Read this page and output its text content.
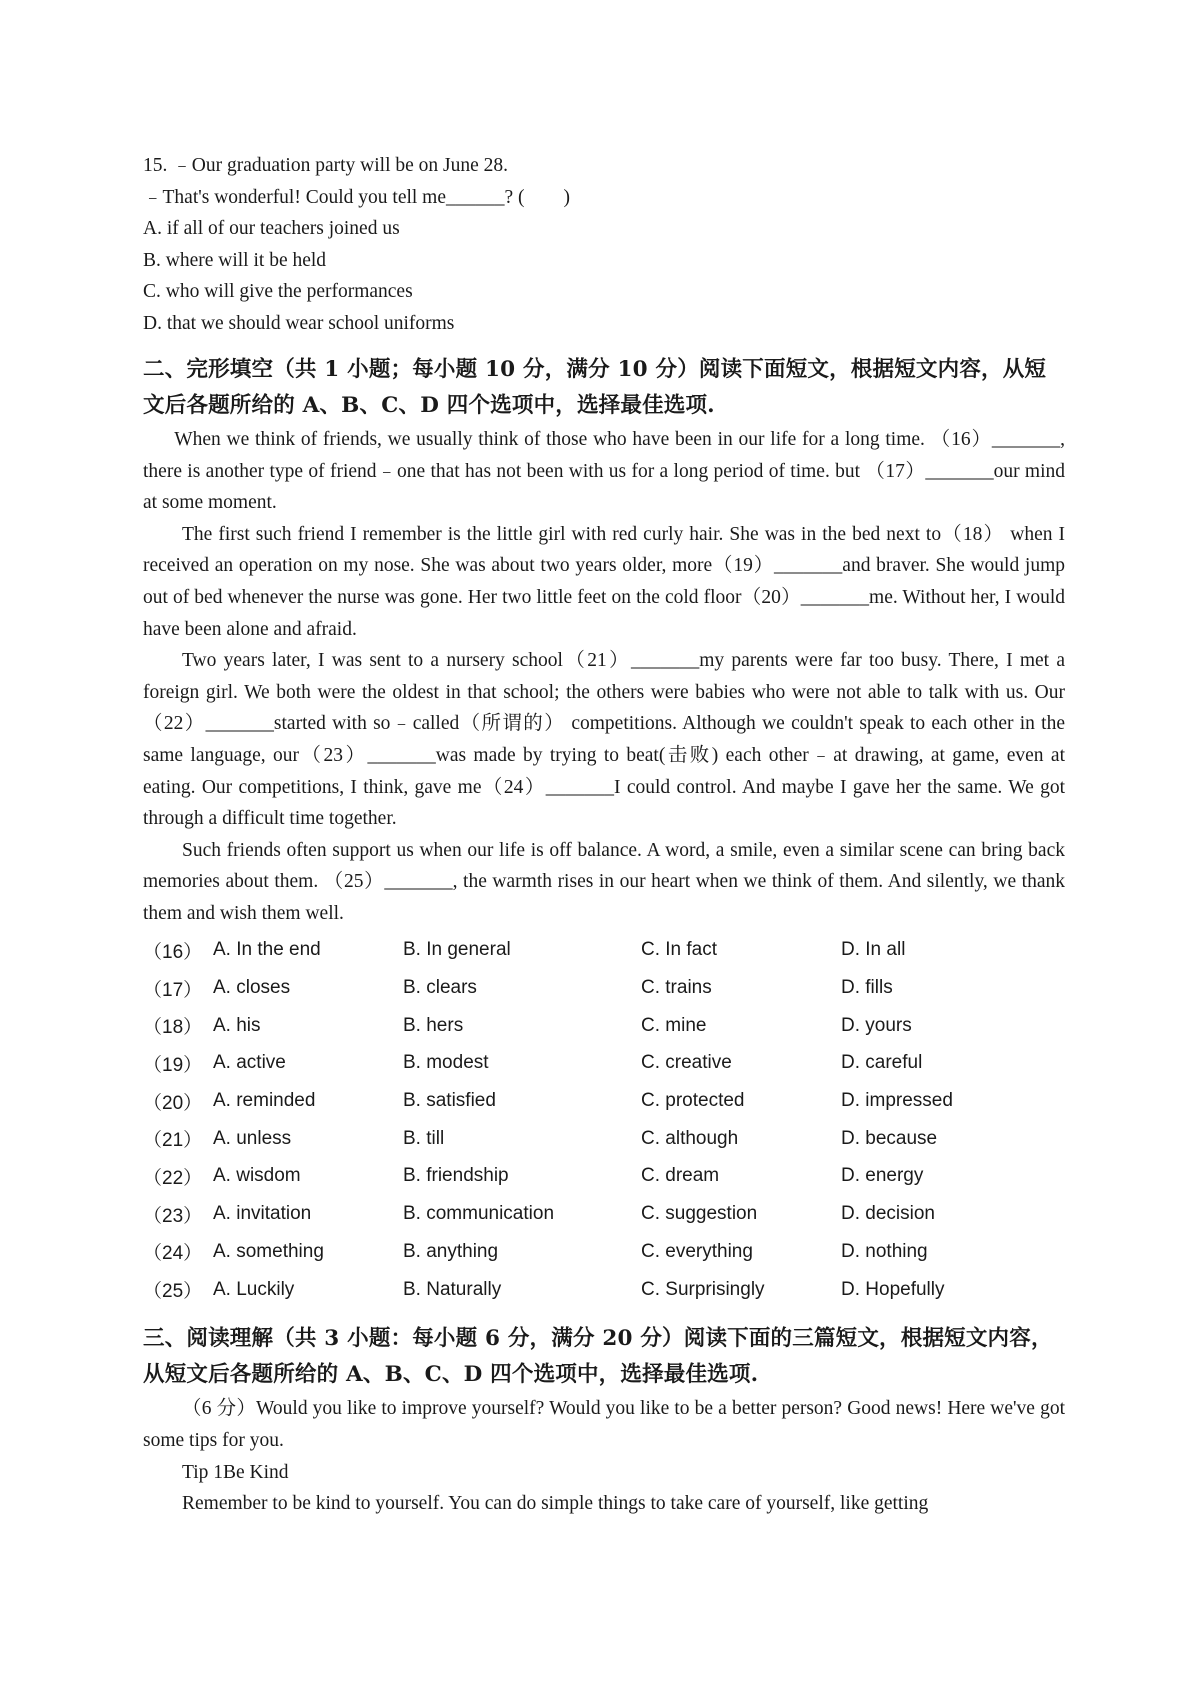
15. ﹣Our graduation party will be on June 28.
﹣That's wonderful! Could you tell me______? (　　)
A. if all of our teachers joined us
B. where will it be held
C. who will give the performances
D. that we should wear school uniforms
二、完形填空（共 1 小题；每小题 10 分，满分 10 分）阅读下面短文，根据短文内容，从短文后各题所给的 A、B、C、D 四个选项中，选择最佳选项.

When we think of friends, we usually think of those who have been in our life for a long time. （16）_______, there is another type of friend﹣one that has not been with us for a long period of time. but （17）_______our mind at some moment.

The first such friend I remember is the little girl with red curly hair. She was in the bed next to（18） when I received an operation on my nose. She was about two years older, more（19）_______and braver. She would jump out of bed whenever the nurse was gone. Her two little feet on the cold floor（20）_______me. Without her, I would have been alone and afraid.

Two years later, I was sent to a nursery school（21）_______my parents were far too busy. There, I met a foreign girl. We both were the oldest in that school; the others were babies who were not able to talk with us. Our（22）_______started with so﹣called（所谓的） competitions. Although we couldn't speak to each other in the same language, our（23）_______was made by trying to beat(击败) each other﹣at drawing, at game, even at eating. Our competitions, I think, gave me（24）_______I could control. And maybe I gave her the same. We got through a difficult time together.

Such friends often support us when our life is off balance. A word, a smile, even a similar scene can bring back memories about them. （25）_______, the warmth rises in our heart when we think of them. And silently, we thank them and wish them well.

（16） A. In the end	B. In general	C. In fact	D. In all
（17） A. closes	B. clears	C. trains	D. fills
（18） A. his	B. hers	C. mine	D. yours
（19） A. active	B. modest	C. creative	D. careful
（20） A. reminded	B. satisfied	C. protected	D. impressed
（21） A. unless	B. till	C. although	D. because
（22） A. wisdom	B. friendship	C. dream	D. energy
（23） A. invitation	B. communication	C. suggestion	D. decision
（24） A. something	B. anything	C. everything	D. nothing
（25） A. Luckily	B. Naturally	C. Surprisingly	D. Hopefully
三、阅读理解（共 3 小题：每小题 6 分，满分 20 分）阅读下面的三篇短文，根据短文内容，从短文后各题所给的 A、B、C、D 四个选项中，选择最佳选项.

（6 分）Would you like to improve yourself? Would you like to be a better person? Good news! Here we've got some tips for you.

Tip 1Be Kind

Remember to be kind to yourself. You can do simple things to take care of yourself, like getting
